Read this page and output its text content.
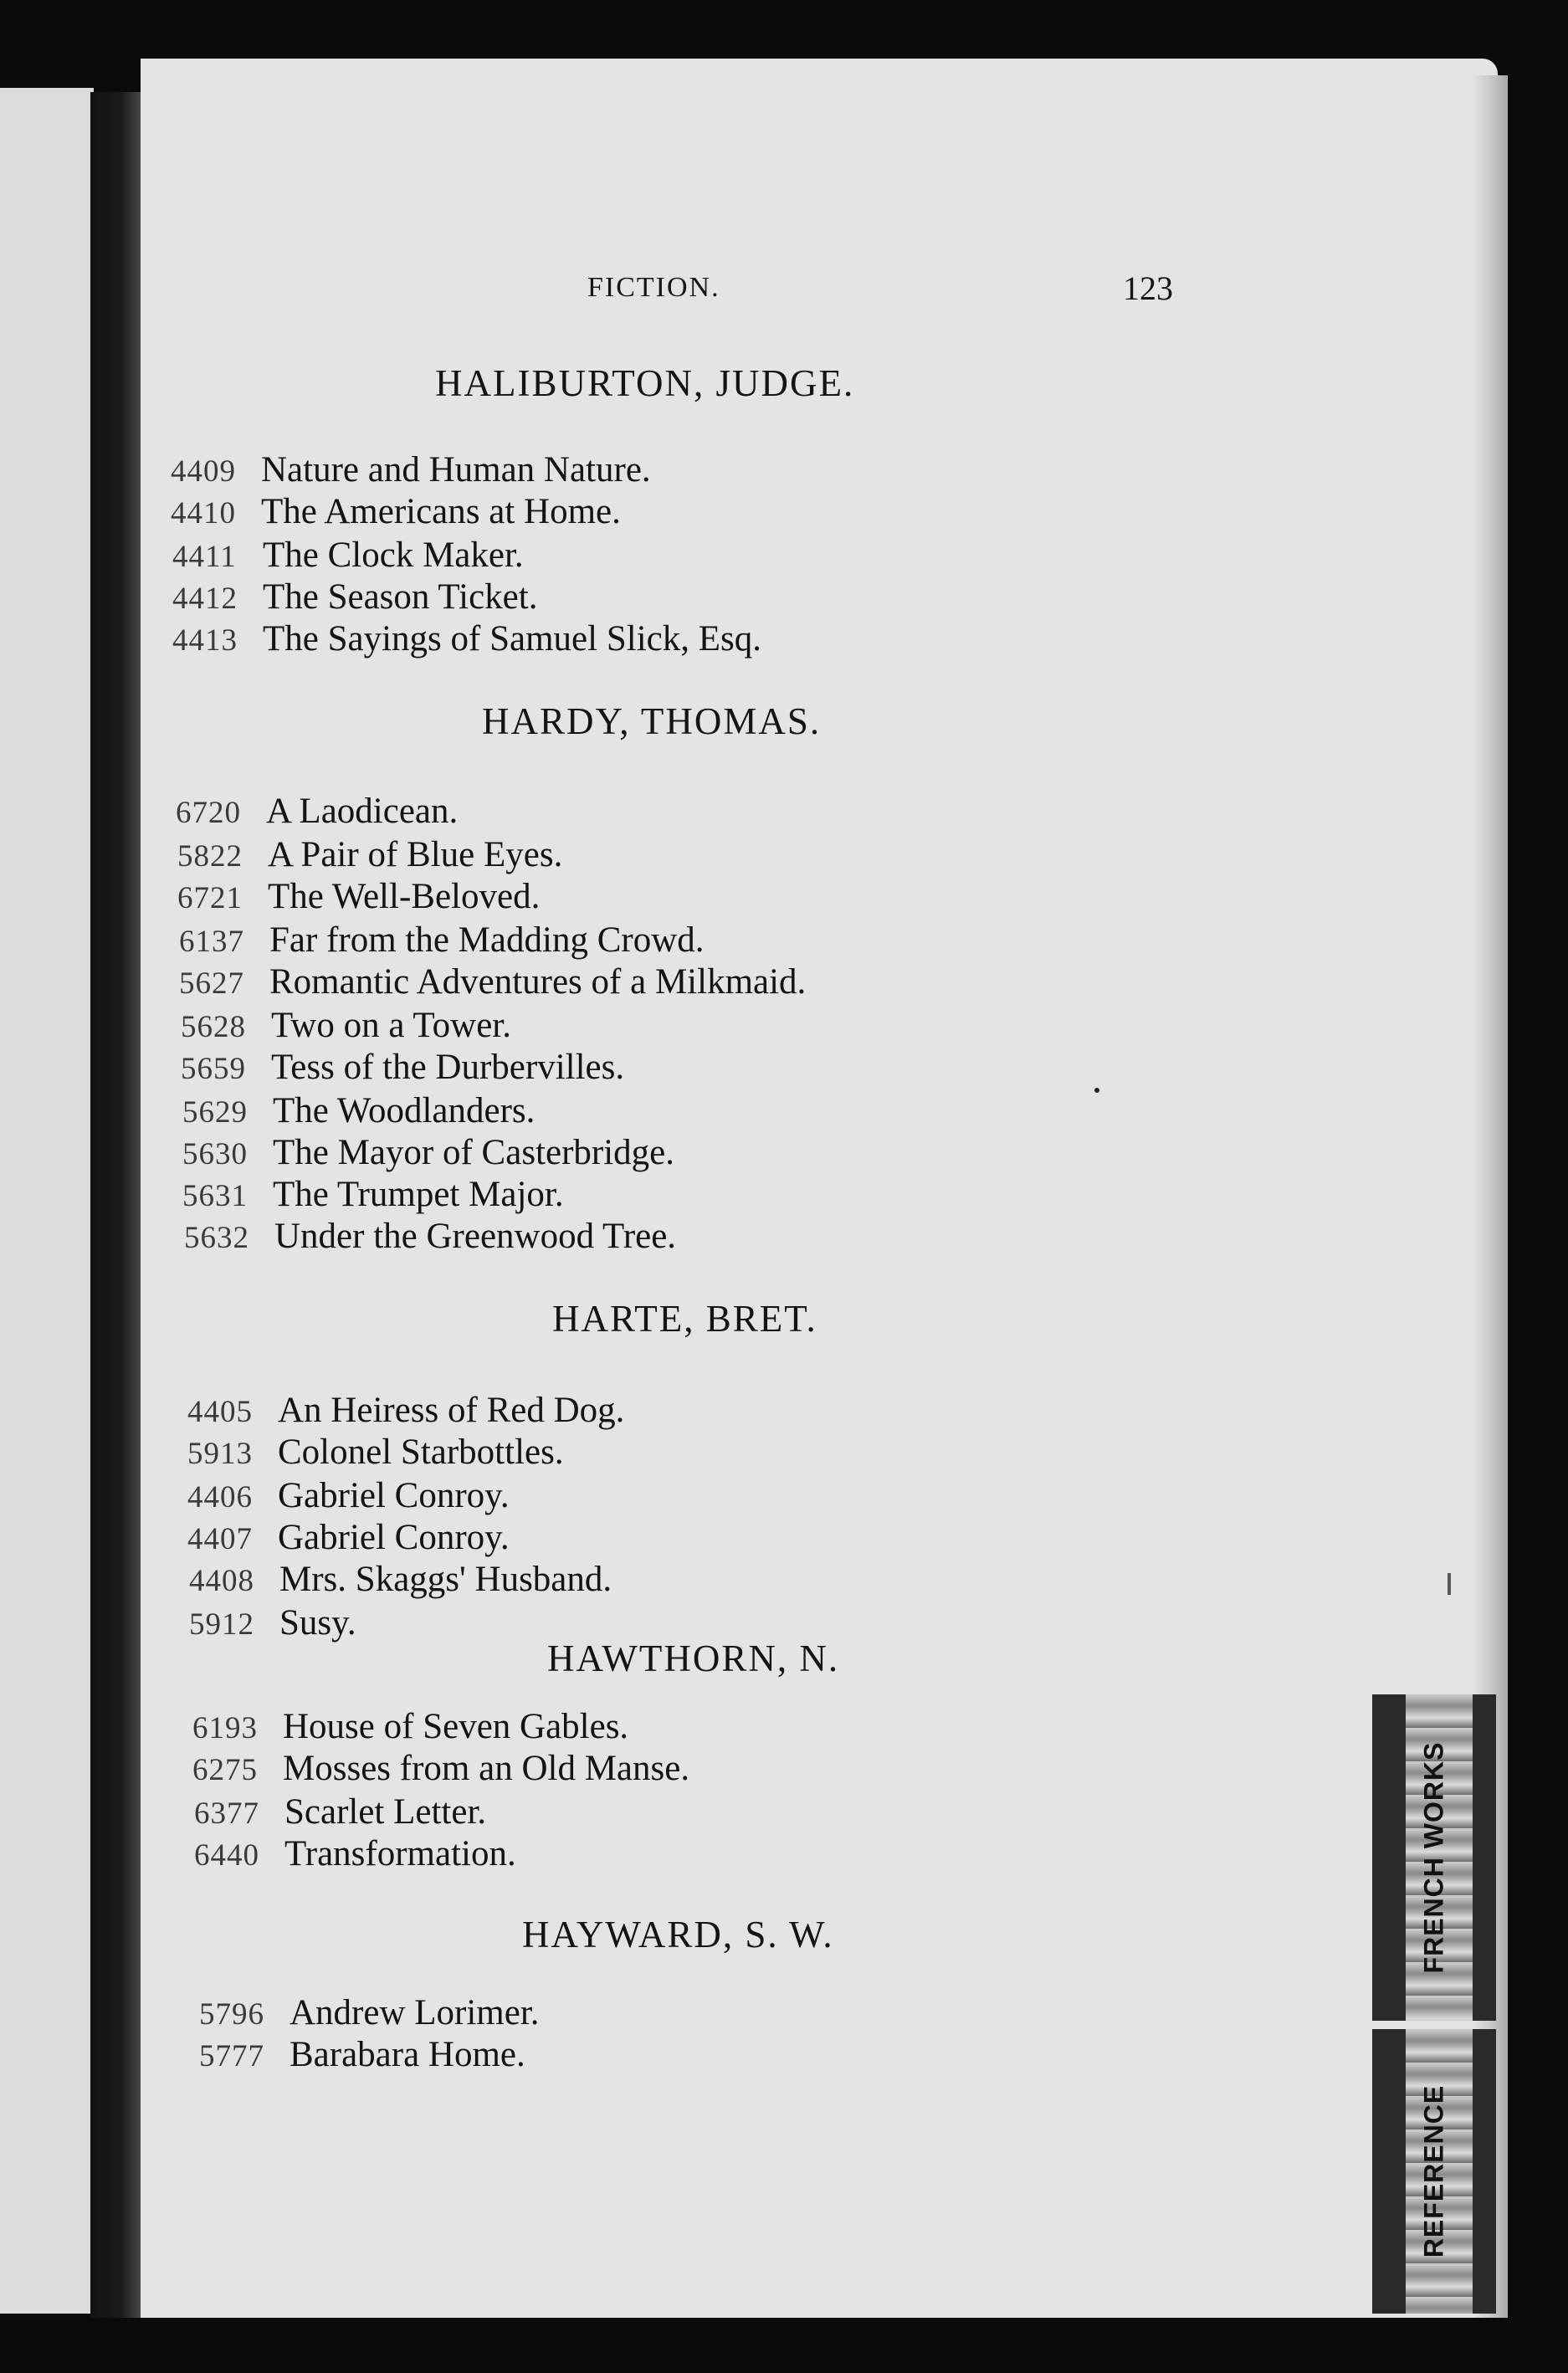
FICTION.	123
HALIBURTON, JUDGE.
4409 Nature and Human Nature.
4410 The Americans at Home.
4411 The Clock Maker.
4412 The Season Ticket.
4413 The Sayings of Samuel Slick, Esq.
HARDY, THOMAS.
6720 A Laodicean.
5822 A Pair of Blue Eyes.
6721 The Well-Beloved.
6137 Far from the Madding Crowd.
5627 Romantic Adventures of a Milkmaid.
5628 Two on a Tower.
5659 Tess of the Durbervilles.
5629 The Woodlanders.
5630 The Mayor of Casterbridge.
5631 The Trumpet Major.
5632 Under the Greenwood Tree.
HARTE, BRET.
4405 An Heiress of Red Dog.
5913 Colonel Starbottles.
4406 Gabriel Conroy.
4407 Gabriel Conroy.
4408 Mrs. Skaggs' Husband.
5912 Susy.
HAWTHORN, N.
6193 House of Seven Gables.
6275 Mosses from an Old Manse.
6377 Scarlet Letter.
6440 Transformation.
HAYWARD, S. W.
5796 Andrew Lorimer.
5777 Barabara Home.
FRENCH WORKS
REFERENCE
